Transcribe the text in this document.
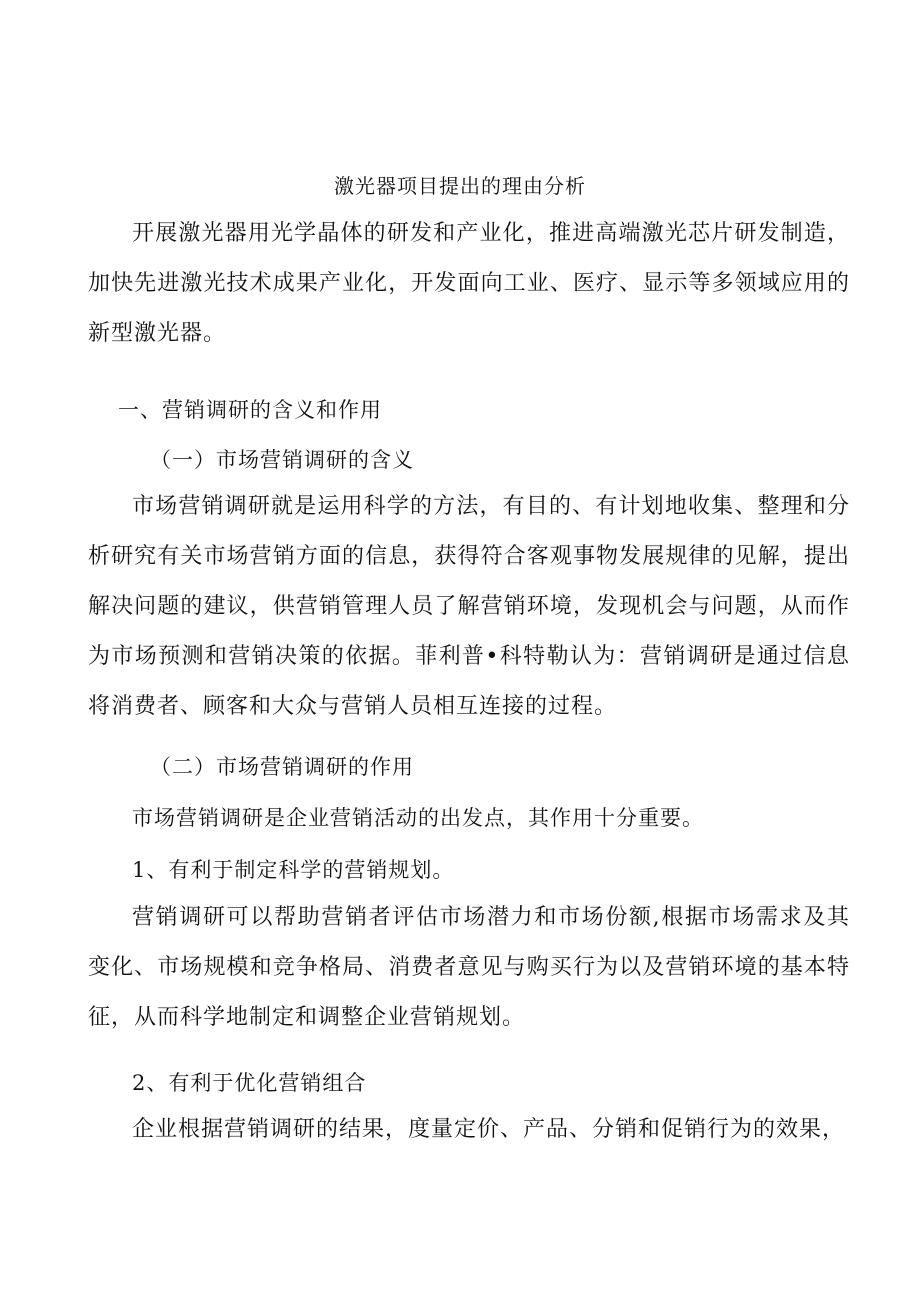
激光器项目提出的理由分析

开展激光器用光学晶体的研发和产业化，推进高端激光芯片研发制造，加快先进激光技术成果产业化，开发面向工业、医疗、显示等多领域应用的新型激光器。

一、营销调研的含义和作用

（一）市场营销调研的含义

市场营销调研就是运用科学的方法，有目的、有计划地收集、整理和分析研究有关市场营销方面的信息，获得符合客观事物发展规律的见解，提出解决问题的建议，供营销管理人员了解营销环境，发现机会与问题，从而作为市场预测和营销决策的依据。菲利普•科特勒认为：营销调研是通过信息将消费者、顾客和大众与营销人员相互连接的过程。

（二）市场营销调研的作用

市场营销调研是企业营销活动的出发点，其作用十分重要。

1、有利于制定科学的营销规划。

营销调研可以帮助营销者评估市场潜力和市场份额,根据市场需求及其变化、市场规模和竞争格局、消费者意见与购买行为以及营销环境的基本特征，从而科学地制定和调整企业营销规划。

2、有利于优化营销组合

企业根据营销调研的结果，度量定价、产品、分销和促销行为的效果，
